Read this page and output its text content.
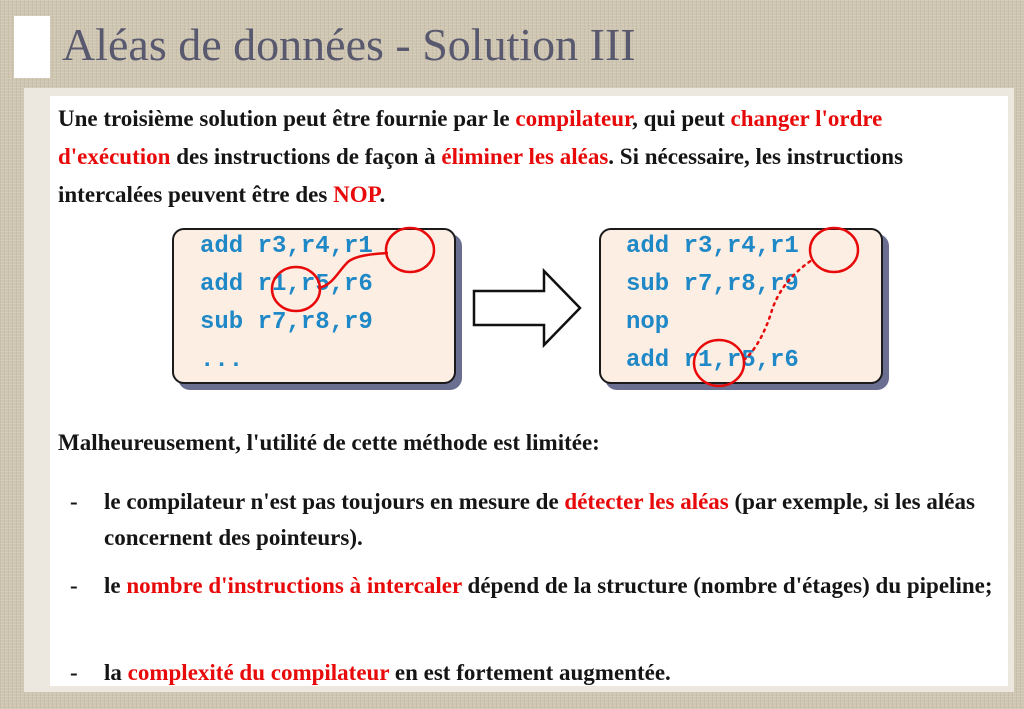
Aléas de données - Solution III
Une troisième solution peut être fournie par le compilateur, qui peut changer l'ordre d'exécution des instructions de façon à éliminer les aléas. Si nécessaire, les instructions intercalées peuvent être des NOP.
add r3,r4,r1
add r1,r5,r6
sub r7,r8,r9
...
add r3,r4,r1
sub r7,r8,r9
nop
add r1,r5,r6
Malheureusement, l'utilité de cette méthode est limitée:
-	le compilateur n'est pas toujours en mesure de détecter les aléas (par exemple, si les aléas concernent des pointeurs).
-	le nombre d'instructions à intercaler dépend de la structure (nombre d'étages) du pipeline;
-	la complexité du compilateur en est fortement augmentée.
